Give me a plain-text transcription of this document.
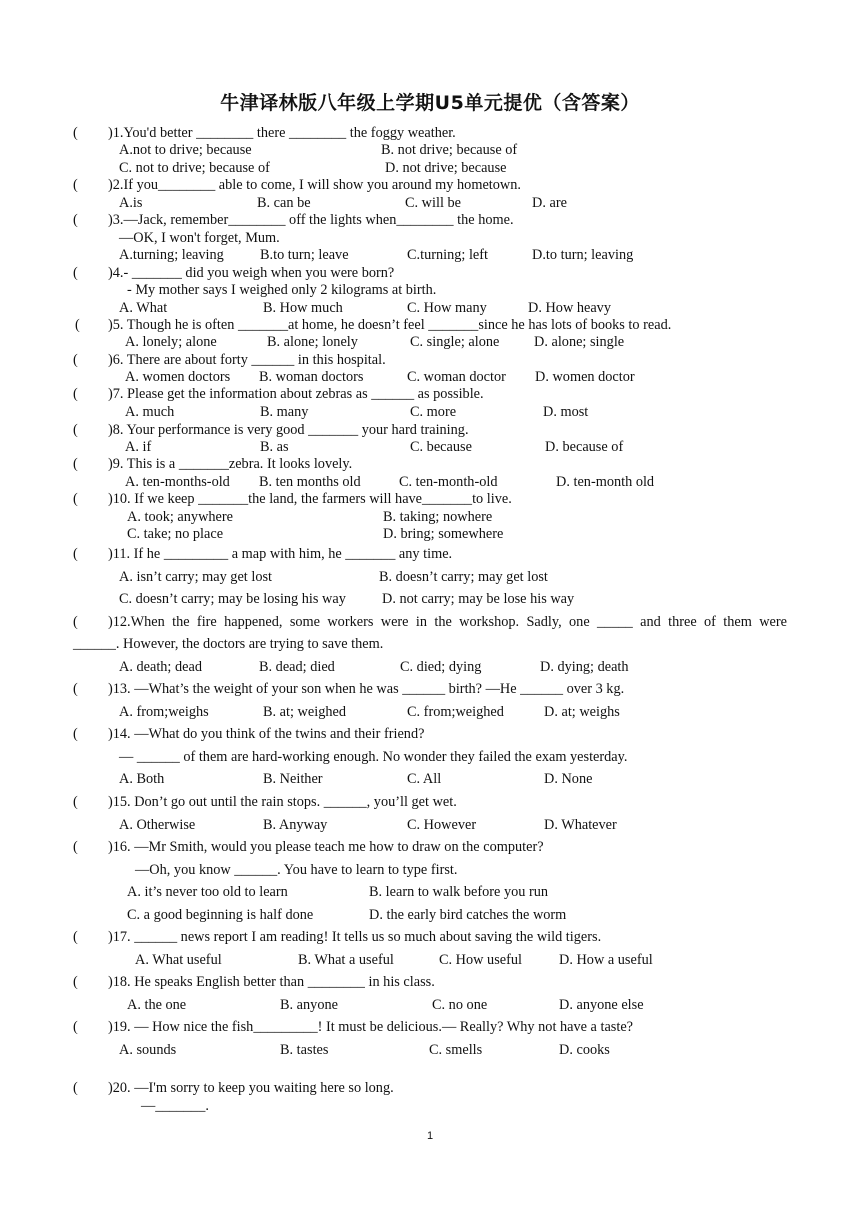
牛津译林版八年级上学期U5单元提优（含答案）
( )1.You'd better ________ there ________ the foggy weather.
A.not to drive; because	B. not drive; because of
C. not to drive; because of	D. not drive; because
( )2.If you________ able to come, I will show you around my hometown.
A.is	B. can be	C. will be	D. are
( )3.—Jack, remember________ off the lights when________ the home.
—OK, I won't forget, Mum.
A.turning; leaving	B.to turn; leave	C.turning; left	D.to turn; leaving
( )4.- _______ did you weigh when you were born?
- My mother says I weighed only 2 kilograms at birth.
A. What	B. How much	C. How many	D. How heavy
( )5. Though he is often _______at home, he doesn’t feel _______since he has lots of books to read.
A. lonely; alone	B. alone; lonely	C. single; alone D. alone; single
( )6. There are about forty ______ in this hospital.
A. women doctors B. woman doctors	C. woman doctor D. women doctor
( )7. Please get the information about zebras as ______ as possible.
A. much	B. many	C. more	D. most
( )8. Your performance is very good _______ your hard training.
A. if	B. as	C. because	D. because of
( )9. This is a _______zebra. It looks lovely.
A. ten-months-old B. ten months old	C. ten-month-old	D. ten-month old
( )10. If we keep _______the land, the farmers will have_______to live.
A. took; anywhere	B. taking; nowhere
C. take; no place	D. bring; somewhere
( )11. If he _________ a map with him, he _______ any time.
A. isn’t carry; may get lost	B. doesn’t carry; may get lost
C. doesn’t carry; may be losing his way	D. not carry; may be lose his way
( )12.When the fire happened, some workers were in the workshop. Sadly, one _____ and three of them were
______. However, the doctors are trying to save them.
A. death; dead	B. dead; died	C. died; dying	D. dying; death
( )13. —What’s the weight of your son when he was ______ birth? —He ______ over 3 kg.
A. from;weighs	B. at; weighed	C. from;weighed	D. at; weighs
( )14. —What do you think of the twins and their friend?
— ______ of them are hard-working enough. No wonder they failed the exam yesterday.
A. Both	B. Neither	C. All	D. None
( )15. Don’t go out until the rain stops. ______, you’ll get wet.
A. Otherwise	B. Anyway	C. However	D. Whatever
( )16. —Mr Smith, would you please teach me how to draw on the computer?
—Oh, you know ______. You have to learn to type first.
A. it’s never too old to learn	B. learn to walk before you run
C. a good beginning is half done	D. the early bird catches the worm
( )17. ______ news report I am reading! It tells us so much about saving the wild tigers.
A. What useful	B. What a useful	C. How useful	D. How a useful
( )18. He speaks English better than ________ in his class.
A. the one	B. anyone	C. no one	D. anyone else
( )19. — How nice the fish_________! It must be delicious.— Really? Why not have a taste?
A. sounds	B. tastes	C. smells	D. cooks
( )20. —I'm sorry to keep you waiting here so long.
—_______.
1
